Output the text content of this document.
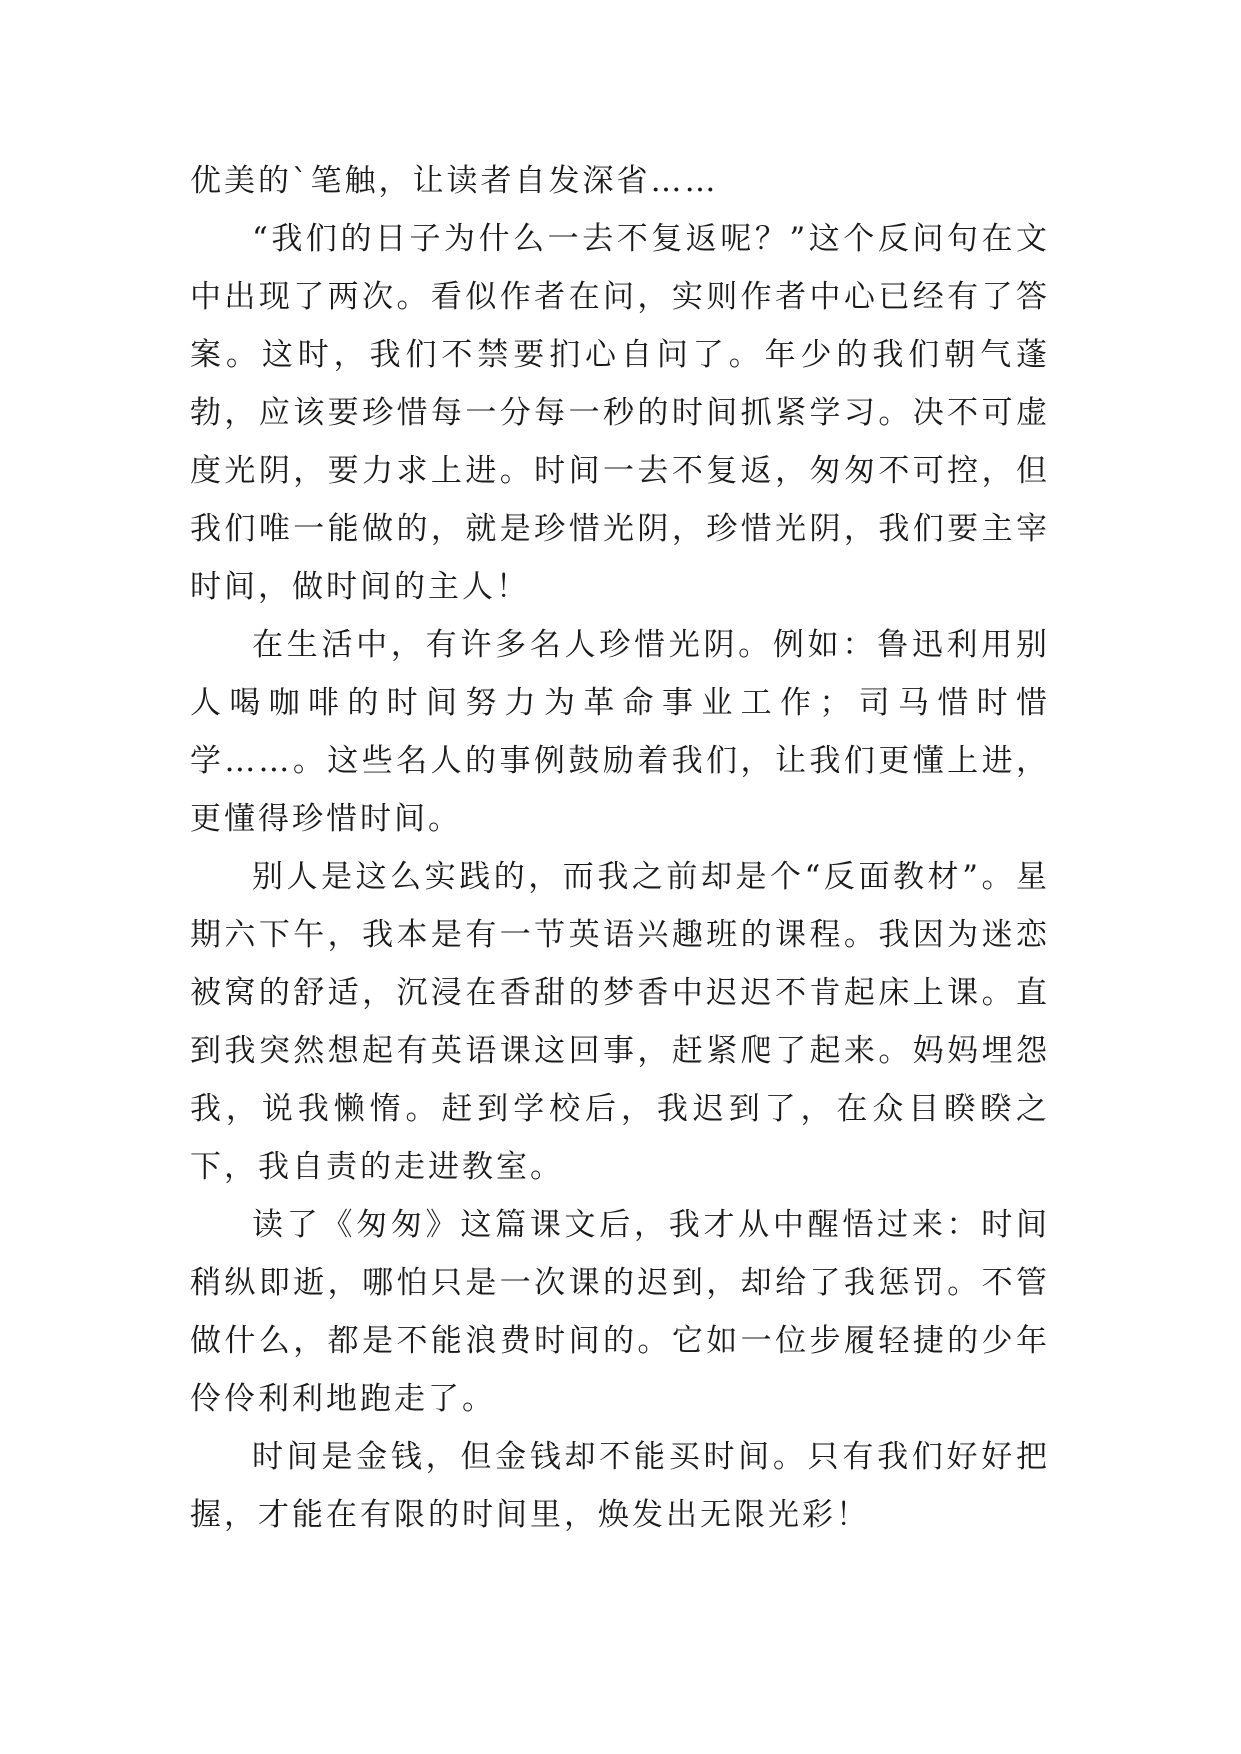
优美的`笔触，让读者自发深省……

“我们的日子为什么一去不复返呢？”这个反问句在文中出现了两次。看似作者在问，实则作者中心已经有了答案。这时，我们不禁要扪心自问了。年少的我们朝气蓬勃，应该要珍惜每一分每一秒的时间抓紧学习。决不可虚度光阴，要力求上进。时间一去不复返，匆匆不可控，但我们唯一能做的，就是珍惜光阴，珍惜光阴，我们要主宰时间，做时间的主人！

在生活中，有许多名人珍惜光阴。例如：鲁迅利用别人喝咖啡的时间努力为革命事业工作；司马惜时惜学……。这些名人的事例鼓励着我们，让我们更懂上进，更懂得珍惜时间。

别人是这么实践的，而我之前却是个“反面教材”。星期六下午，我本是有一节英语兴趣班的课程。我因为迷恋被窝的舒适，沉浸在香甜的梦香中迟迟不肯起床上课。直到我突然想起有英语课这回事，赶紧爬了起来。妈妈埋怨我，说我懒惰。赶到学校后，我迟到了，在众目睽睽之下，我自责的走进教室。

读了《匆匆》这篇课文后，我才从中醒悟过来：时间稍纵即逝，哪怕只是一次课的迟到，却给了我惩罚。不管做什么，都是不能浪费时间的。它如一位步履轻捷的少年伶伶利利地跑走了。

时间是金钱，但金钱却不能买时间。只有我们好好把握，才能在有限的时间里，焕发出无限光彩！
